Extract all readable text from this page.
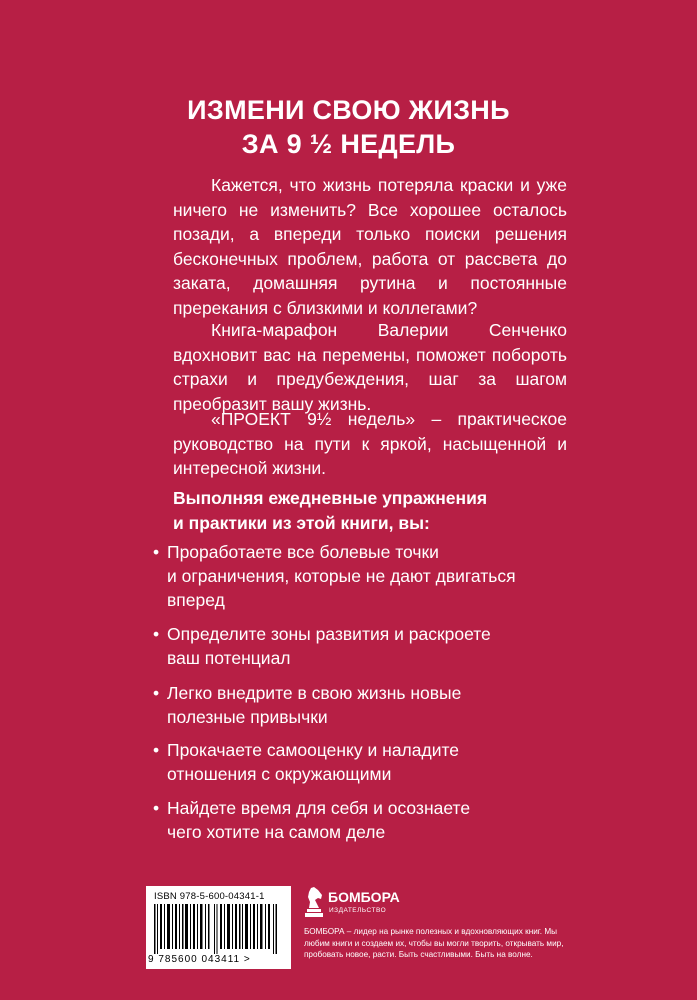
ИЗМЕНИ СВОЮ ЖИЗНЬ
ЗА 9 ½ НЕДЕЛЬ
Кажется, что жизнь потеряла краски и уже ничего не изменить? Все хорошее осталось позади, а впереди только поиски решения бесконечных проблем, работа от рассвета до заката, домашняя рутина и постоянные пререкания с близкими и коллегами?
Книга-марафон Валерии Сенченко вдохновит вас на перемены, поможет побороть страхи и предубеждения, шаг за шагом преобразит вашу жизнь.
«ПРОЕКТ 9½ недель» – практическое руководство на пути к яркой, насыщенной и интересной жизни.
Выполняя ежедневные упражнения
и практики из этой книги, вы:
• Проработаете все болевые точки
и ограничения, которые не дают двигаться
вперед
• Определите зоны развития и раскроете
ваш потенциал
• Легко внедрите в свою жизнь новые
полезные привычки
• Прокачаете самооценку и наладите
отношения с окружающими
• Найдете время для себя и осознаете
чего хотите на самом деле
ISBN 978-5-600-04341-1
9 785600 043411 >
БОМБОРА
ИЗДАТЕЛЬСТВО
БОМБОРА – лидер на рынке полезных и вдохновляющих книг. Мы любим книги и создаем их, чтобы вы могли творить, открывать мир, пробовать новое, расти. Быть счастливыми. Быть на волне.
